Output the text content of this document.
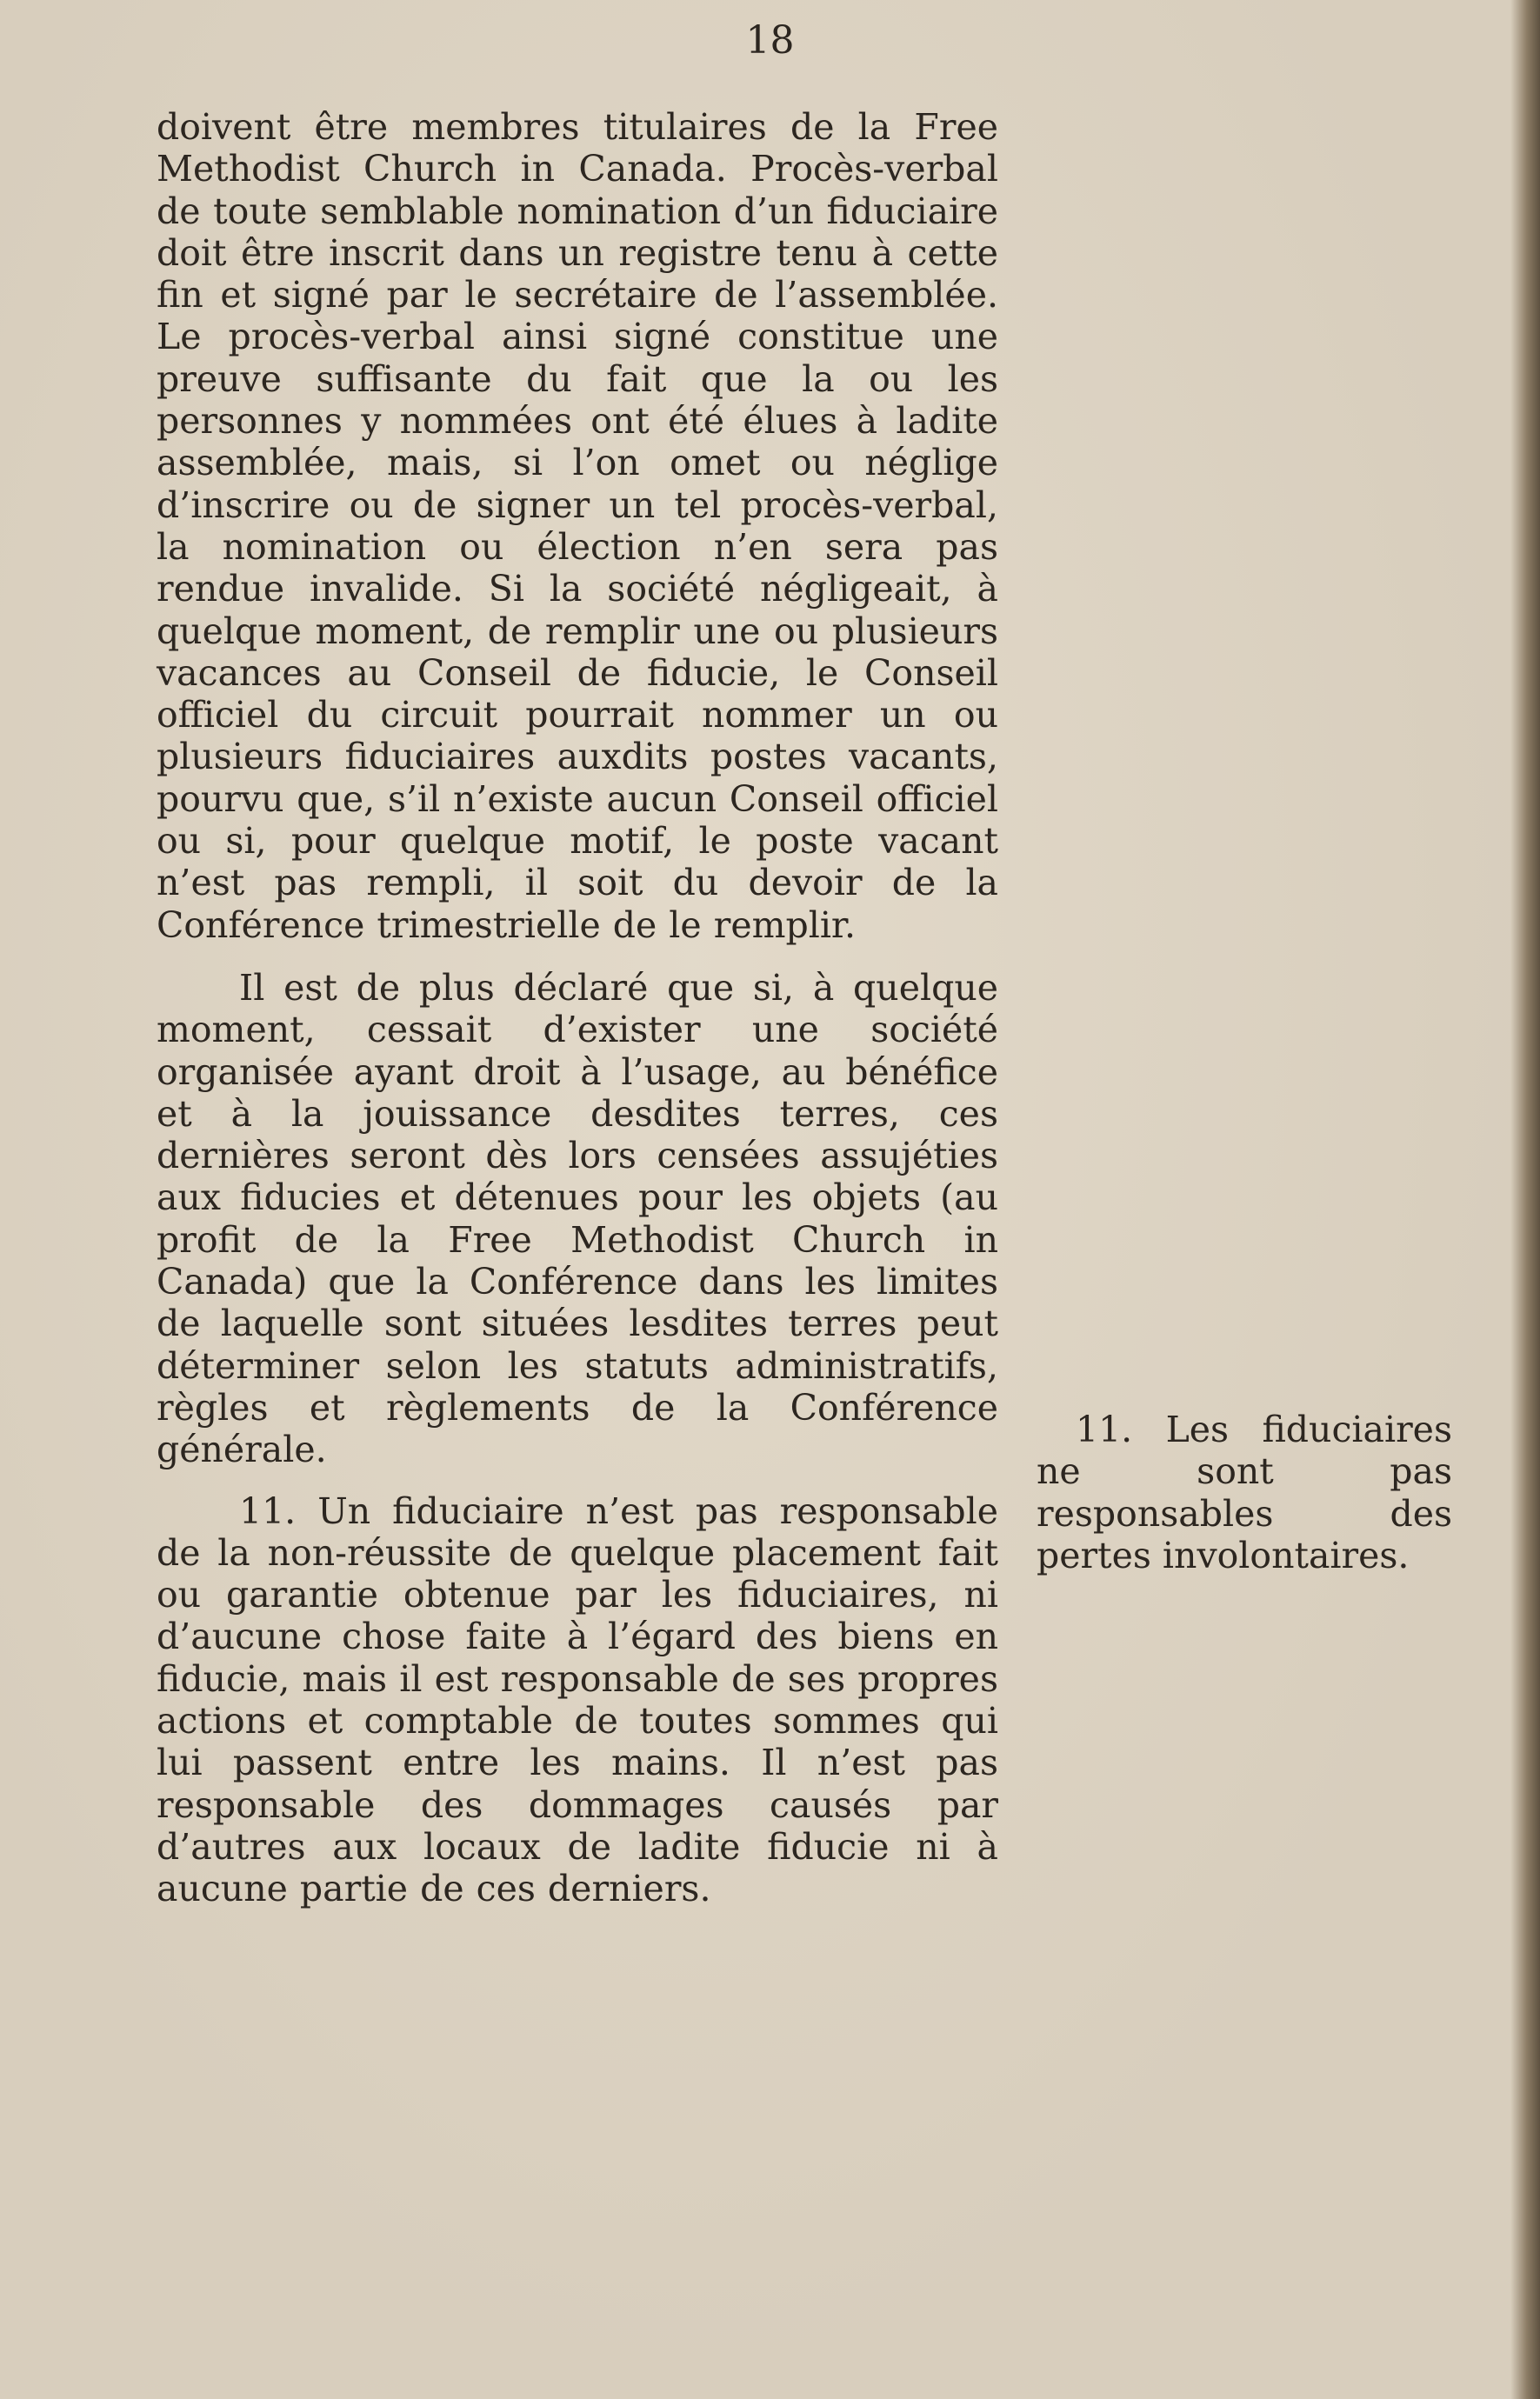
18

doivent être membres titulaires de la Free Methodist Church in Canada. Procès-verbal de toute semblable nomination d’un fiduciaire doit être inscrit dans un registre tenu à cette fin et signé par le secrétaire de l’assemblée. Le procès-verbal ainsi signé constitue une preuve suffisante du fait que la ou les personnes y nommées ont été élues à ladite assemblée, mais, si l’on omet ou néglige d’inscrire ou de signer un tel procès-verbal, la nomination ou élection n’en sera pas rendue invalide. Si la société négligeait, à quelque moment, de remplir une ou plusieurs vacances au Conseil de fiducie, le Conseil officiel du circuit pourrait nommer un ou plusieurs fiduciaires auxdits postes vacants, pourvu que, s’il n’existe aucun Conseil officiel ou si, pour quelque motif, le poste vacant n’est pas rempli, il soit du devoir de la Conférence trimestrielle de le remplir.

Il est de plus déclaré que si, à quelque moment, cessait d’exister une société organisée ayant droit à l’usage, au bénéfice et à la jouissance desdites terres, ces dernières seront dès lors censées assujéties aux fiducies et détenues pour les objets (au profit de la Free Methodist Church in Canada) que la Conférence dans les limites de laquelle sont situées lesdites terres peut déterminer selon les statuts administratifs, règles et règlements de la Conférence générale.

11. Un fiduciaire n’est pas responsable de la non-réussite de quelque placement fait ou garantie obtenue par les fiduciaires, ni d’aucune chose faite à l’égard des biens en fiducie, mais il est responsable de ses propres actions et comptable de toutes sommes qui lui passent entre les mains. Il n’est pas responsable des dommages causés par d’autres aux locaux de ladite fiducie ni à aucune partie de ces derniers.

11. Les fiduciaires ne sont pas responsables des pertes involontaires.
